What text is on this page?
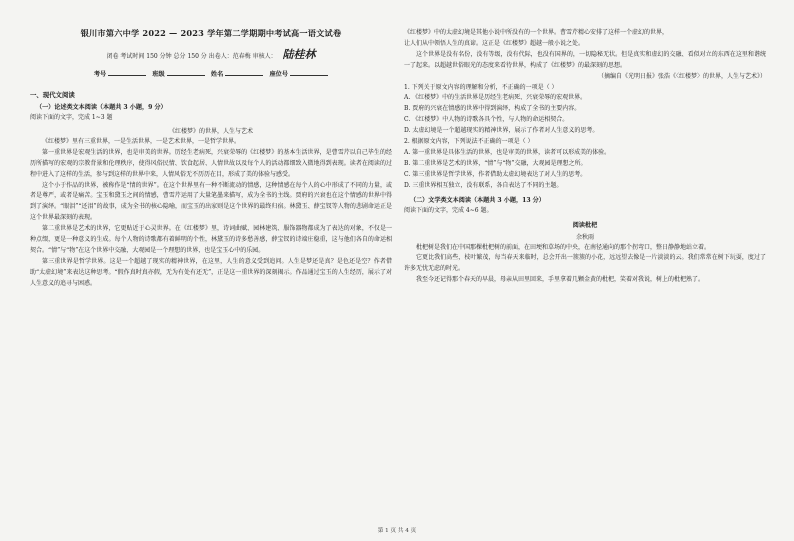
银川市第六中学 2022 — 2023 学年第二学期期中考试高一语文试卷
闭卷 考试时间 150 分钟 总分 150 分 出卷人：范春梅 审核人： 陆桂林
考号	班级	姓名	座位号
一、现代文阅读
（一）论述类文本阅读（本题共 3 小题，9 分）
阅读下面的文字，完成 1~3 题
《红楼梦》的世界，人生与艺术
《红楼梦》里有三重世界，一是生活世界，一是艺术世界，一是哲学世界。
第一重世界是宏观生活的世界，也是审美的世界。历经生老病死，兴衰荣辱的《红楼梦》的基本生活世界，是曹雪芹以自己毕生的经历所描写的宏观的宗教背景和伦理秩序，使得风俗民情、饮食起居、人情世故以及每个人的活动都细致入微地得到表现。读者在阅读的过程中进入了这样的生活，参与到这样的世界中来，人情风俗无不历历在目，形成了美的体验与感受。
这个小于作品的世界，被称作是“情的世界”。在这个世界里有一种不断流动的情感，这种情感在每个人的心中形成了不同的力量，或者是尊严，或者是痛苦。宝玉和黛玉之间的情感，曹雪芹运用了大量笔墨来描写，成为全书的主线。贾府的兴衰也在这个情感的世界中得到了演绎。“眼泪”“还泪”的故事，成为全书的核心隐喻，而宝玉的出家则是这个世界的最终归宿。林黛玉、薛宝钗等人物的悲剧命运正是这个世界最深刻的表现。
第二重世界是艺术的世界，它更贴近于心灵世界。在《红楼梦》里，诗词曲赋、园林建筑、服饰器物都成为了表达的对象，不仅是一种点缀，更是一种意义的生成。每个人物的诗歌都有着鲜明的个性，林黛玉的诗多愁善感，薛宝钗的诗端庄稳重，这与他们各自的命运相契合。“情”与“物”在这个世界中交融，大观园是一个理想的世界，也是宝玉心中的乐园。
第三重世界是哲学世界。这是一个超越了现实的精神世界，在这里，人生的意义受到追问。人生是梦还是真？是色还是空？作者借助“太虚幻境”来表达这种思考。“假作真时真亦假，无为有处有还无”，正是这一重世界的深刻揭示。作品通过宝玉的人生经历，展示了对人生意义的追寻与困惑。
《红楼梦》中的太虚幻境是其他小说中所没有的一个世界。曹雪芹精心安排了这样一个虚幻的世界，
让人们从中领悟人生的真谛。这正是《红楼梦》超越一般小说之处。
这个世界是没有名份，没有等级，没有代际，也没有国界的，一切隐秘无状。但是真实和虚幻的交融、看似对立的东西在这里和谐统一了起来。以超越世俗眼光的态度来看待世界，构成了《红楼梦》的最深刻的思想。
（摘编自《光明日报》张浩《〈红楼梦〉的世界，人生与艺术》）
1. 下列关于原文内容的理解和分析，不正确的一项是（ ）
A. 《红楼梦》中的生活世界是历经生老病死、兴衰荣辱的宏观世界。
B. 贾府的兴衰在情感的世界中得到演绎，构成了全书的主要内容。
C. 《红楼梦》中人物的诗歌各具个性，与人物的命运相契合。
D. 太虚幻境是一个超越现实的精神世界，展示了作者对人生意义的思考。
2. 根据原文内容，下列说法不正确的一项是（ ）
A. 第一重世界是具体生活的世界，也是审美的世界，读者可以形成美的体验。
B. 第二重世界是艺术的世界，“情”与“物”交融，大观园是理想之所。
C. 第三重世界是哲学世界，作者借助太虚幻境表达了对人生的思考。
D. 三重世界相互独立，没有联系，各自表达了不同的主题。
（二）文学类文本阅读（本题共 3 小题，13 分）
阅读下面的文字，完成 4~6 题。
阅读枇杷
余秋雨
枇杷树是我们在中国那棵枇杷树的前面，在田埂和草场的中央，在南径通向的那个拐弯口，整日静静地站立着。
它更比我们高些，枝叶繁茂，每当春天来临时，总会开出一簇簇的小花，远远望去像是一片淡淡的云。我们常常在树下玩耍，度过了许多无忧无虑的时光。
我至今还记得那个春天的早晨，母亲从田里回来，手里拿着几颗金黄的枇杷，笑着对我说，树上的枇杷熟了。
第 1 页 共 4 页
